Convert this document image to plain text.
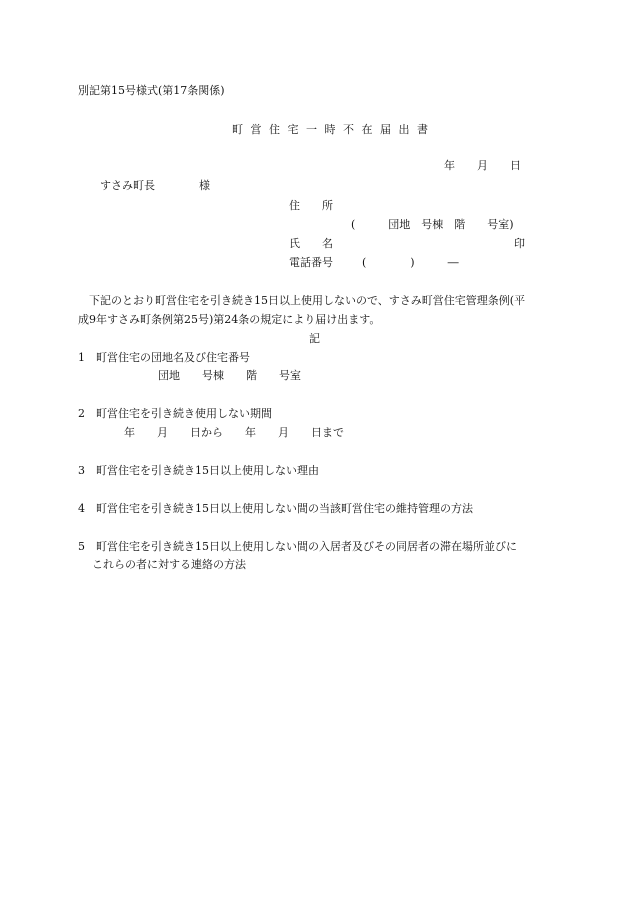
別記第15号様式(第17条関係)
町 営 住 宅 一 時 不 在 届 出 書
年　　月　　日
すさみ町長　　　　様
住　　所
(　　　団地　号棟　階　　号室)
氏　　名	印
電話番号	(　　　　)　　　―
　下記のとおり町営住宅を引き続き15日以上使用しないので、すさみ町営住宅管理条例(平
成9年すさみ町条例第25号)第24条の規定により届け出ます。
記
1　町営住宅の団地名及び住宅番号
団地　　号棟　　階　　号室
2　町営住宅を引き続き使用しない期間
年　　月　　日から　　年　　月　　日まで
3　町営住宅を引き続き15日以上使用しない理由
4　町営住宅を引き続き15日以上使用しない間の当該町営住宅の維持管理の方法
5　町営住宅を引き続き15日以上使用しない間の入居者及びその同居者の滞在場所並びに
これらの者に対する連絡の方法
